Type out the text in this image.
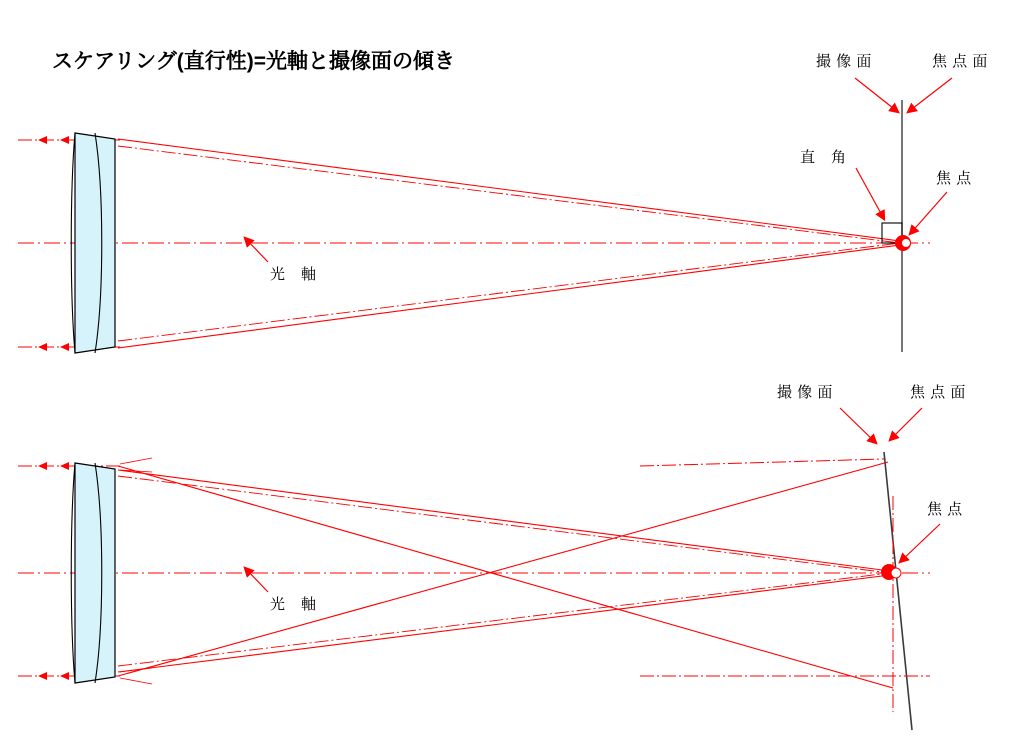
スケアリング(直行性)=光軸と撮像面の傾き	撮 像 面	焦 点 面
直　角
焦 点
光　軸
撮 像 面	焦 点 面
焦 点
光　軸
